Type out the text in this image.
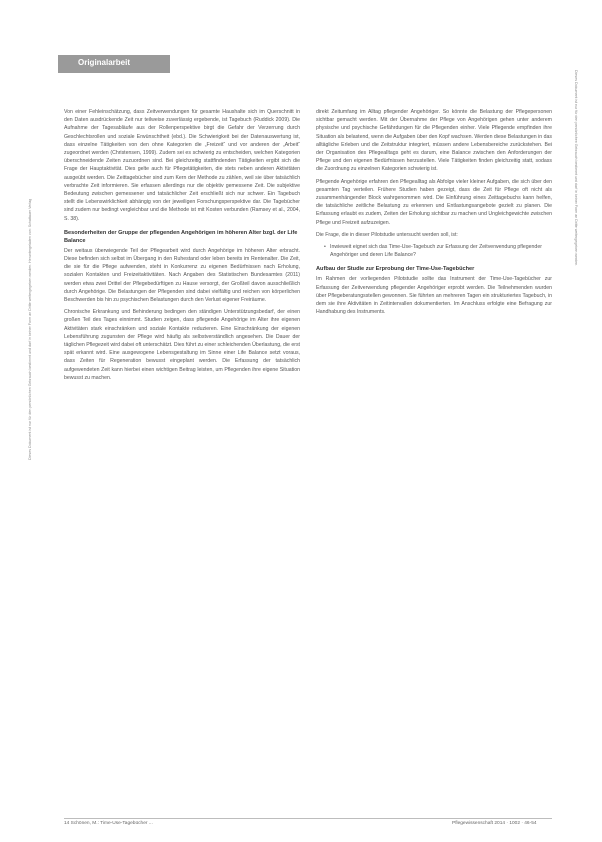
Originalarbeit
Dieses Dokument ist nur für den persönlichen Gebrauch bestimmt und darf in keiner Form an Dritte weitergegeben werden. Heruntergeladen von: Schattauer Verlag
Dieses Dokument ist nur für den persönlichen Gebrauch bestimmt und darf in keiner Form an Dritte weitergegeben werden.

Von einer Fehleinschätzung, dass Zeitverwendungen für gesamte Haushalte sich im Querschnitt in den Daten ausdrückende Zeit nur teilweise zuverlässig ergebende, ist Tagebuch (Ruddick 2009). Die Aufnahme der Tagesabläufe aus der Rollenperspektive birgt die Gefahr der Verzerrung durch Geschlechtsrollen und soziale Erwünschtheit (ebd.). Die Schwierigkeit bei der Datenauswertung ist, dass einzelne Tätigkeiten von den ohne Kategorien die „Freizeit“ und vor anderen der „Arbeit“ zugeordnet werden (Christensen, 1999). Zudem sei es schwierig zu entscheiden, welchen Kategorien überschneidende Zeiten zuzuordnen sind. Bei gleichzeitig stattfindenden Tätigkeiten ergibt sich die Frage der Hauptaktivität. Dies gelte auch für Pflegetätigkeiten, die stets neben anderen Aktivitäten ausgeübt werden. Die Zeittagebücher sind zum Kern der Methode zu zählen, weil sie über tatsächlich verbrachte Zeit informieren. Sie erfassen allerdings nur die objektiv gemessene Zeit. Die subjektive Bedeutung zwischen gemessener und tatsächlicher Zeit erschließt sich nur schwer. Ein Tagebuch stellt die Lebenswirklichkeit abhängig von der jeweiligen Forschungsperspektive dar. Die Tagebücher sind zudem nur bedingt vergleichbar und die Methode ist mit Kosten verbunden (Ramsey et al., 2004, S. 38).

Besonderheiten der Gruppe der pflegenden Angehörigen im höheren Alter bzgl. der Life Balance

Der weitaus überwiegende Teil der Pflegearbeit wird durch Angehörige im höheren Alter erbracht. Diese befinden sich selbst im Übergang in den Ruhestand oder leben bereits im Rentenalter. Die Zeit, die sie für die Pflege aufwenden, steht in Konkurrenz zu eigenen Bedürfnissen nach Erholung, sozialen Kontakten und Freizeitaktivitäten. Nach Angaben des Statistischen Bundesamtes (2011) werden etwa zwei Drittel der Pflegebedürftigen zu Hause versorgt, der Großteil davon ausschließlich durch Angehörige. Die Belastungen der Pflegenden sind dabei vielfältig und reichen von körperlichen Beschwerden bis hin zu psychischen Belastungen durch den Verlust eigener Freiräume.

Chronische Erkrankung und Behinderung bedingen den ständigen Unterstützungsbedarf, der einen großen Teil des Tages einnimmt. Studien zeigen, dass pflegende Angehörige im Alter ihre eigenen Aktivitäten stark einschränken und soziale Kontakte reduzieren. Eine Einschränkung der eigenen Lebensführung zugunsten der Pflege wird häufig als selbstverständlich angesehen. Die Dauer der täglichen Pflegezeit wird dabei oft unterschätzt. Dies führt zu einer schleichenden Überlastung, die erst spät erkannt wird. Eine ausgewogene Lebensgestaltung im Sinne einer Life Balance setzt voraus, dass Zeiten für Regeneration bewusst eingeplant werden. Die Erfassung der tatsächlich aufgewendeten Zeit kann hierbei einen wichtigen Beitrag leisten, um Pflegenden ihre eigene Situation bewusst zu machen.

direkt Zeitumfang im Alltag pflegender Angehöriger. So könnte die Belastung der Pflegepersonen sichtbar gemacht werden. Mit der Übernahme der Pflege von Angehörigen gehen unter anderem physische und psychische Gefährdungen für die Pflegenden einher. Viele Pflegende empfinden ihre Situation als belastend, wenn die Aufgaben über den Kopf wachsen. Werden diese Belastungen in das alltägliche Erleben und die Zeitstruktur integriert, müssen andere Lebensbereiche zurückstehen. Bei der Organisation des Pflegealltags geht es darum, eine Balance zwischen den Anforderungen der Pflege und den eigenen Bedürfnissen herzustellen. Viele Tätigkeiten finden gleichzeitig statt, sodass die Zuordnung zu einzelnen Kategorien schwierig ist.

Pflegende Angehörige erfahren den Pflegealltag als Abfolge vieler kleiner Aufgaben, die sich über den gesamten Tag verteilen. Frühere Studien haben gezeigt, dass die Zeit für Pflege oft nicht als zusammenhängender Block wahrgenommen wird. Die Einführung eines Zeittagebuchs kann helfen, die tatsächliche zeitliche Belastung zu erkennen und Entlastungsangebote gezielt zu planen. Die Erfassung erlaubt es zudem, Zeiten der Erholung sichtbar zu machen und Ungleichgewichte zwischen Pflege und Freizeit aufzuzeigen.

Die Frage, die in dieser Pilotstudie untersucht werden soll, ist:

• Inwieweit eignet sich das Time-Use-Tagebuch zur Erfassung der Zeitverwendung pflegender Angehöriger und deren Life Balance?
Aufbau der Studie zur Erprobung der Time-Use-Tagebücher

Im Rahmen der vorliegenden Pilotstudie sollte das Instrument der Time-Use-Tagebücher zur Erfassung der Zeitverwendung pflegender Angehöriger erprobt werden. Die Teilnehmenden wurden über Pflegeberatungsstellen gewonnen. Sie führten an mehreren Tagen ein strukturiertes Tagebuch, in dem sie ihre Aktivitäten in Zeitintervallen dokumentierten. Im Anschluss erfolgte eine Befragung zur Handhabung des Instruments.

14 Schönen, M.: Time-Use-Tagebücher ...	Pflegewissenschaft 2014 · 1002 · 46-54
